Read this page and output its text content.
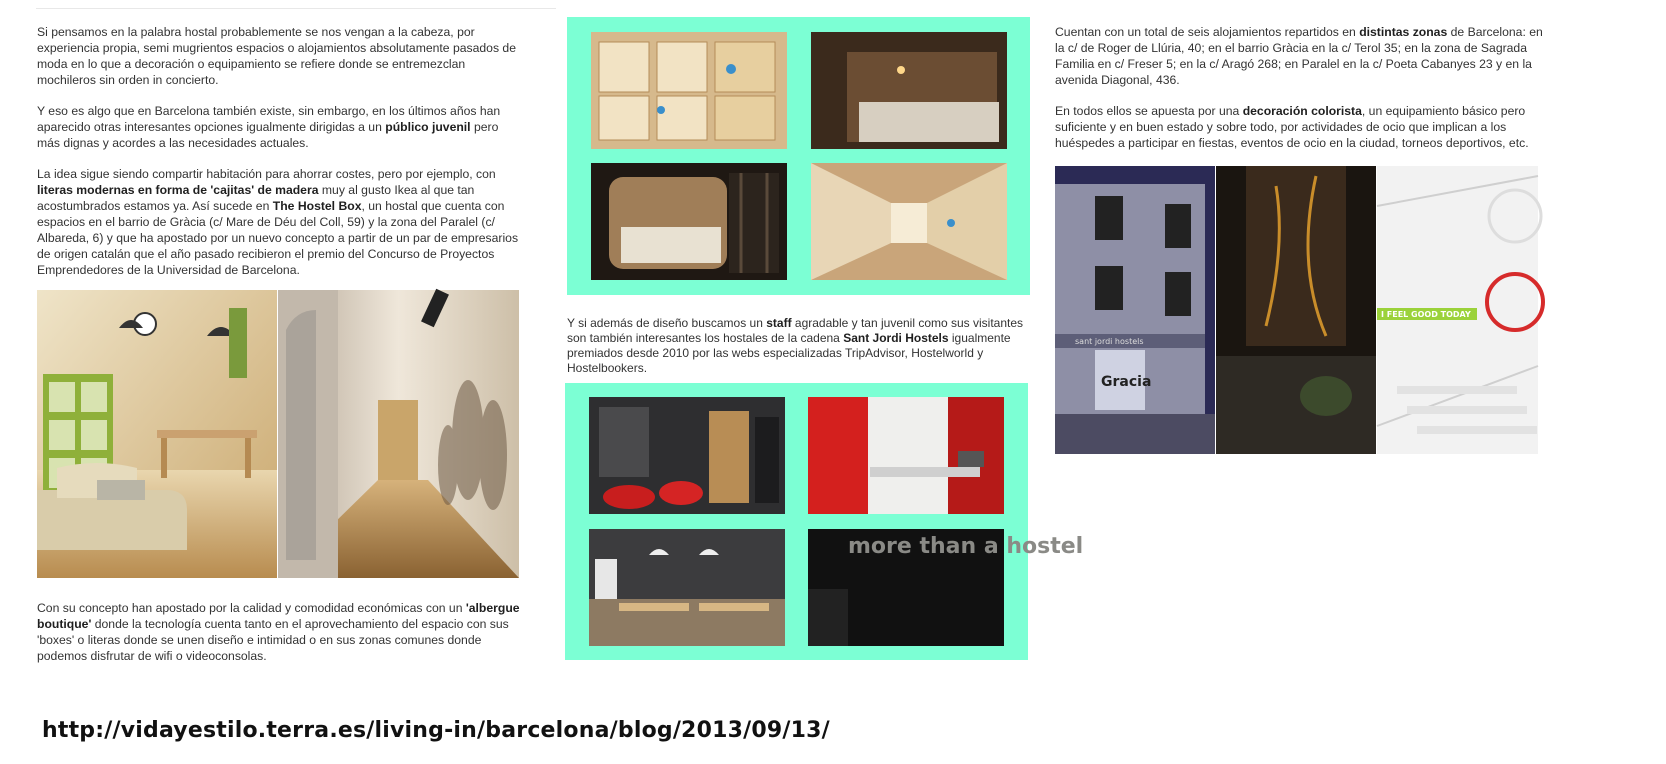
Si pensamos en la palabra hostal probablemente se nos vengan a la cabeza, por experiencia propia, semi mugrientos espacios o alojamientos absolutamente pasados de moda en lo que a decoración o equipamiento se refiere donde se entremezclan mochileros sin orden in concierto.

Y eso es algo que en Barcelona también existe, sin embargo, en los últimos años han aparecido otras interesantes opciones igualmente dirigidas a un público juvenil pero más dignas y acordes a las necesidades actuales.

La idea sigue siendo compartir habitación para ahorrar costes, pero por ejemplo, con literas modernas en forma de 'cajitas' de madera muy al gusto Ikea al que tan acostumbrados estamos ya. Así sucede en The Hostel Box, un hostal que cuenta con espacios en el barrio de Gràcia (c/ Mare de Déu del Coll, 59) y la zona del Paralel (c/ Albareda, 6) y que ha apostado por un nuevo concepto a partir de un par de empresarios de origen catalán que el año pasado recibieron el premio del Concurso de Proyectos Emprendedores de la Universidad de Barcelona.

Con su concepto han apostado por la calidad y comodidad económicas con un 'albergue boutique' donde la tecnología cuenta tanto en el aprovechamiento del espacio con sus 'boxes' o literas donde se unen diseño e intimidad o en sus zonas comunes donde podemos disfrutar de wifi o videoconsolas.

Y si además de diseño buscamos un staff agradable y tan juvenil como sus visitantes son también interesantes los hostales de la cadena Sant Jordi Hostels igualmente premiados desde 2010 por las webs especializadas TripAdvisor, Hostelworld y Hostelbookers.

more than a hostel

Cuentan con un total de seis alojamientos repartidos en distintas zonas de Barcelona: en la c/ de Roger de Llúria, 40; en el barrio Gràcia en la c/ Terol 35; en la zona de Sagrada Familia en c/ Freser 5; en la c/ Aragó 268; en Paralel en la c/ Poeta Cabanyes 23 y en la avenida Diagonal, 436.

En todos ellos se apuesta por una decoración colorista, un equipamiento básico pero suficiente y en buen estado y sobre todo, por actividades de ocio que implican a los huéspedes a participar en fiestas, eventos de ocio en la ciudad, torneos deportivos, etc.

sant jordi hostels
Gracia
I FEEL GOOD TODAY
http://vidayestilo.terra.es/living-in/barcelona/blog/2013/09/13/
